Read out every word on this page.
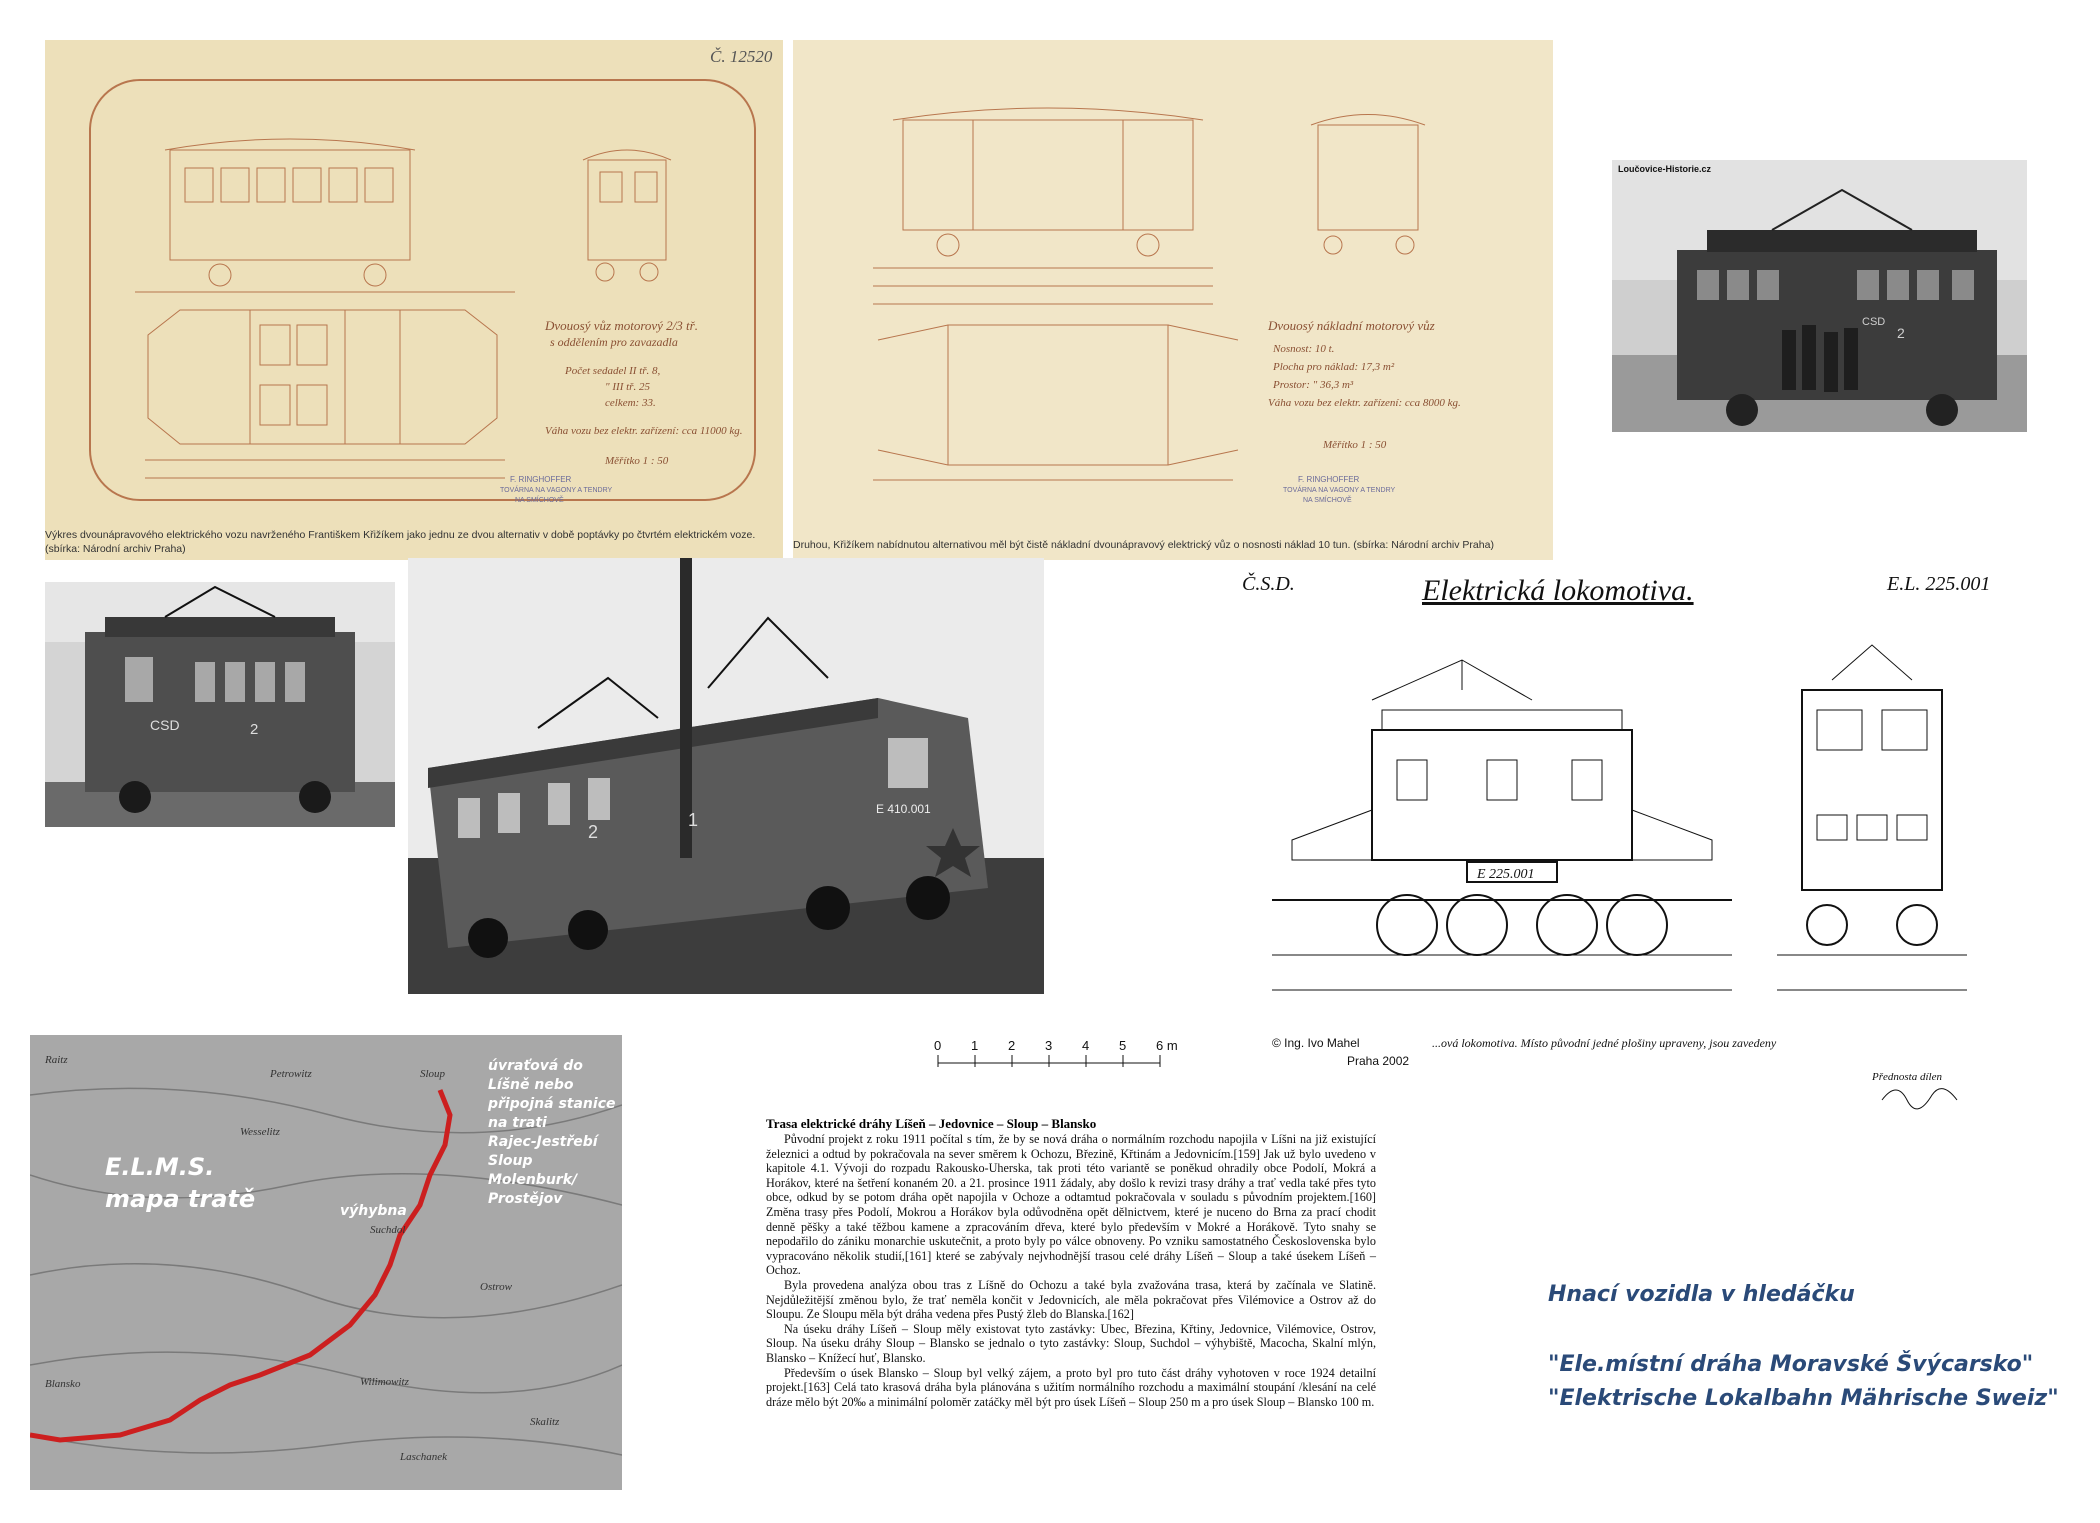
Č. 12520
Dvouosý vůz motorový 2/3 tř.
s oddělením pro zavazadla
Počet sedadel II tř. 8,
" III tř. 25
celkem: 33.
Váha vozu bez elektr. zařízení: cca 11000 kg.
Měřítko 1 : 50
F. RINGHOFFER
TOVÁRNA NA VAGONY A TENDRY
NA SMÍCHOVĚ
Výkres dvounápravového elektrického vozu navrženého Františkem Křižíkem jako jednu ze dvou alternativ v době poptávky po čtvrtém elektrickém voze.
(sbírka: Národní archiv Praha)
Dvouosý nákladní motorový vůz
Nosnost: 10 t.
Plocha pro náklad: 17,3 m²
Prostor: " 36,3 m³
Váha vozu bez elektr. zařízení: cca 8000 kg.
Měřítko 1 : 50
F. RINGHOFFER
TOVÁRNA NA VAGONY A TENDRY
NA SMÍCHOVĚ
Druhou, Křižíkem nabídnutou alternativou měl být čistě nákladní dvounápravový elektrický vůz o nosnosti náklad 10 tun. (sbírka: Národní archiv Praha)
Loučovice-Historie.cz
CSD
2
CSD	2
E 410.001
2
1
Č.S.D.	Elektrická lokomotiva.	E.L. 225.001
E 225.001
© Ing. Ivo Mahel
Praha 2002
...ová lokomotiva. Místo původní jedné plošiny upraveny, jsou zavedeny
Přednosta dílen
0 1 2 3 4 5 6 m
Raitz
Petrowitz	Sloup
Suchdol
Wesselitz
Ostrow
Blansko	Wilimowitz
Laschanek
Skalitz
E.L.M.S.
mapa tratě	výhybna
úvraťová do
Líšně nebo
připojná stanice
na trati
Rajec-Jestřebí
Sloup
Molenburk/
Prostějov
Trasa elektrické dráhy Líšeň – Jedovnice – Sloup – Blansko

Původní projekt z roku 1911 počítal s tím, že by se nová dráha o normálním rozchodu napojila v Líšni na již existující železnici a odtud by pokračovala na sever směrem k Ochozu, Březině, Křtinám a Jedovnicím.[159] Jak už bylo uvedeno v kapitole 4.1. Vývoji do rozpadu Rakousko-Uherska, tak proti této variantě se poněkud ohradily obce Podolí, Mokrá a Horákov, které na šetření konaném 20. a 21. prosince 1911 žádaly, aby došlo k revizi trasy dráhy a trať vedla také přes tyto obce, odkud by se potom dráha opět napojila v Ochoze a odtamtud pokračovala v souladu s původním projektem.[160] Změna trasy přes Podolí, Mokrou a Horákov byla odůvodněna opět dělnictvem, které je nuceno do Brna za prací chodit denně pěšky a také těžbou kamene a zpracováním dřeva, které bylo především v Mokré a Horákově. Tyto snahy se nepodařilo do zániku monarchie uskutečnit, a proto byly po válce obnoveny. Po vzniku samostatného Československa bylo vypracováno několik studií,[161] které se zabývaly nejvhodnější trasou celé dráhy Líšeň – Sloup a také úsekem Líšeň – Ochoz.

Byla provedena analýza obou tras z Líšně do Ochozu a také byla zvažována trasa, která by začínala ve Slatině. Nejdůležitější změnou bylo, že trať neměla končit v Jedovnicích, ale měla pokračovat přes Vilémovice a Ostrov až do Sloupu. Ze Sloupu měla být dráha vedena přes Pustý žleb do Blanska.[162]

Na úseku dráhy Líšeň – Sloup měly existovat tyto zastávky: Ubec, Březina, Křtiny, Jedovnice, Vilémovice, Ostrov, Sloup. Na úseku dráhy Sloup – Blansko se jednalo o tyto zastávky: Sloup, Suchdol – výhybiště, Macocha, Skalní mlýn, Blansko – Knížecí huť, Blansko.

Především o úsek Blansko – Sloup byl velký zájem, a proto byl pro tuto část dráhy vyhotoven v roce 1924 detailní projekt.[163] Celá tato krasová dráha byla plánována s užitím normálního rozchodu a maximální stoupání /klesání na celé dráze mělo být 20‰ a minimální poloměr zatáčky měl být pro úsek Líšeň – Sloup 250 m a pro úsek Sloup – Blansko 100 m.

Hnací vozidla v hledáčku
"Ele.místní dráha Moravské Švýcarsko"
"Elektrische Lokalbahn Mährische Sweiz"
